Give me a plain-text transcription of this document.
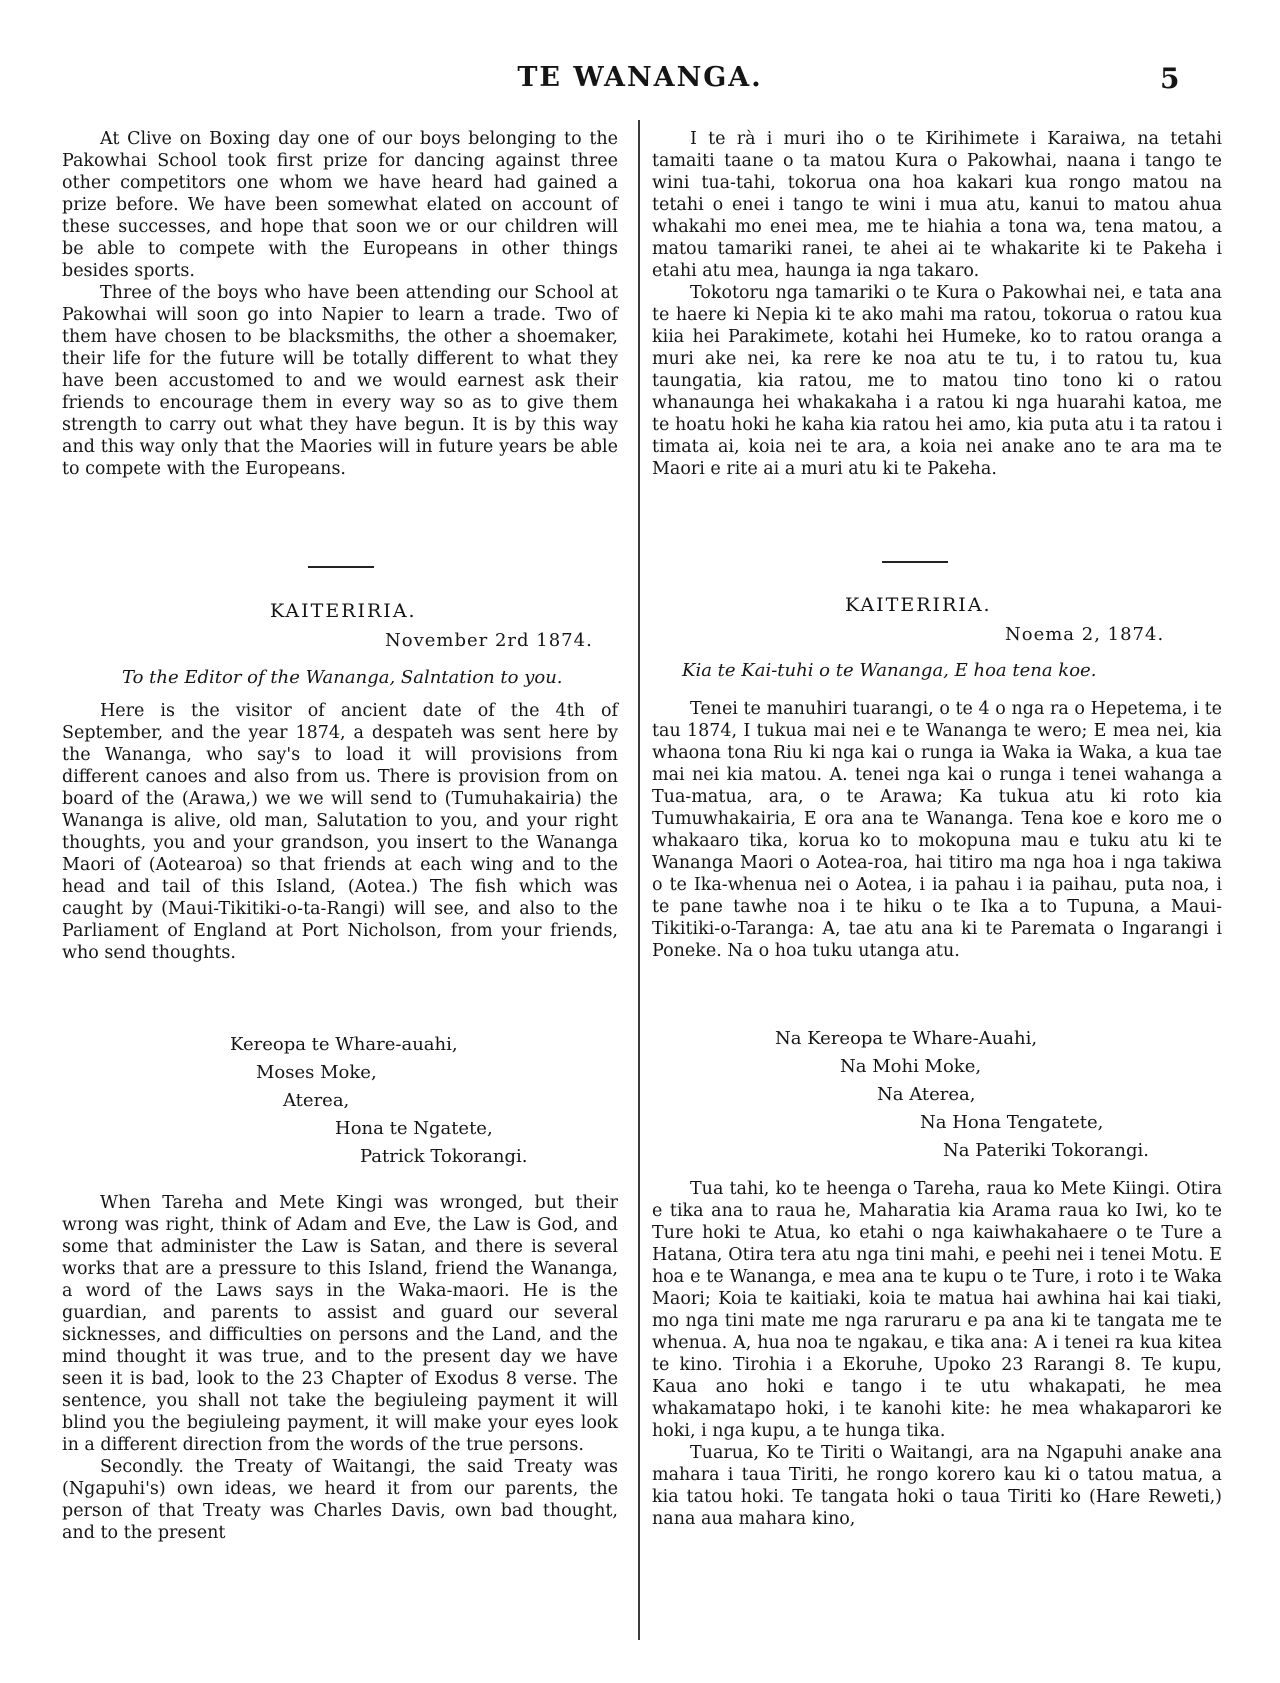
TE WANANGA.	5

At Clive on Boxing day one of our boys belonging to the Pakowhai School took first prize for dancing against three other competitors one whom we have heard had gained a prize before. We have been somewhat elated on account of these successes, and hope that soon we or our children will be able to compete with the Europeans in other things besides sports.

Three of the boys who have been attending our School at Pakowhai will soon go into Napier to learn a trade. Two of them have chosen to be blacksmiths, the other a shoemaker, their life for the future will be totally different to what they have been accustomed to and we would earnest ask their friends to encourage them in every way so as to give them strength to carry out what they have begun. It is by this way and this way only that the Maories will in future years be able to compete with the Europeans.

KAITERIRIA.
November 2rd 1874.
To the Editor of the Wananga, Salntation to you.

Here is the visitor of ancient date of the 4th of September, and the year 1874, a despateh was sent here by the Wananga, who say's to load it will provisions from different canoes and also from us. There is provision from on board of the (Arawa,) we we will send to (Tumuhakairia) the Wananga is alive, old man, Salutation to you, and your right thoughts, you and your grandson, you insert to the Wananga Maori of (Aotearoa) so that friends at each wing and to the head and tail of this Island, (Aotea.) The fish which was caught by (Maui-Tikitiki-o-ta-Rangi) will see, and also to the Parliament of England at Port Nicholson, from your friends, who send thoughts.

Kereopa te Whare-auahi,
Moses Moke,
Aterea,
Hona te Ngatete,
Patrick Tokorangi.

When Tareha and Mete Kingi was wronged, but their wrong was right, think of Adam and Eve, the Law is God, and some that administer the Law is Satan, and there is several works that are a pressure to this Island, friend the Wananga, a word of the Laws says in the Waka-maori. He is the guardian, and parents to assist and guard our several sicknesses, and difficulties on persons and the Land, and the mind thought it was true, and to the present day we have seen it is bad, look to the 23 Chapter of Exodus 8 verse. The sentence, you shall not take the begiuleing payment it will blind you the begiuleing payment, it will make your eyes look in a different direction from the words of the true persons.

Secondly. the Treaty of Waitangi, the said Treaty was (Ngapuhi's) own ideas, we heard it from our parents, the person of that Treaty was Charles Davis, own bad thought, and to the present

I te rà i muri iho o te Kirihimete i Karaiwa, na tetahi tamaiti taane o ta matou Kura o Pakowhai, naana i tango te wini tua-tahi, tokorua ona hoa kakari kua rongo matou na tetahi o enei i tango te wini i mua atu, kanui to matou ahua whakahi mo enei mea, me te hiahia a tona wa, tena matou, a matou tamariki ranei, te ahei ai te whakarite ki te Pakeha i etahi atu mea, haunga ia nga takaro.

Tokotoru nga tamariki o te Kura o Pakowhai nei, e tata ana te haere ki Nepia ki te ako mahi ma ratou, tokorua o ratou kua kiia hei Parakimete, kotahi hei Humeke, ko to ratou oranga a muri ake nei, ka rere ke noa atu te tu, i to ratou tu, kua taungatia, kia ratou, me to matou tino tono ki o ratou whanaunga hei whakakaha i a ratou ki nga huarahi katoa, me te hoatu hoki he kaha kia ratou hei amo, kia puta atu i ta ratou i timata ai, koia nei te ara, a koia nei anake ano te ara ma te Maori e rite ai a muri atu ki te Pakeha.

KAITERIRIA.
Noema 2, 1874.
Kia te Kai-tuhi o te Wananga, E hoa tena koe.

Tenei te manuhiri tuarangi, o te 4 o nga ra o Hepetema, i te tau 1874, I tukua mai nei e te Wananga te wero; E mea nei, kia whaona tona Riu ki nga kai o runga ia Waka ia Waka, a kua tae mai nei kia matou. A. tenei nga kai o runga i tenei wahanga a Tua-matua, ara, o te Arawa; Ka tukua atu ki roto kia Tumuwhakairia, E ora ana te Wananga. Tena koe e koro me o whakaaro tika, korua ko to mokopuna mau e tuku atu ki te Wananga Maori o Aotea-roa, hai titiro ma nga hoa i nga takiwa o te Ika-whenua nei o Aotea, i ia pahau i ia paihau, puta noa, i te pane tawhe noa i te hiku o te Ika a to Tupuna, a Maui-Tikitiki-o-Taranga: A, tae atu ana ki te Paremata o Ingarangi i Poneke. Na o hoa tuku utanga atu.

Na Kereopa te Whare-Auahi,
Na Mohi Moke,
Na Aterea,
Na Hona Tengatete,
Na Pateriki Tokorangi.

Tua tahi, ko te heenga o Tareha, raua ko Mete Kiingi. Otira e tika ana to raua he, Maharatia kia Arama raua ko Iwi, ko te Ture hoki te Atua, ko etahi o nga kaiwhakahaere o te Ture a Hatana, Otira tera atu nga tini mahi, e peehi nei i tenei Motu. E hoa e te Wananga, e mea ana te kupu o te Ture, i roto i te Waka Maori; Koia te kaitiaki, koia te matua hai awhina hai kai tiaki, mo nga tini mate me nga raruraru e pa ana ki te tangata me te whenua. A, hua noa te ngakau, e tika ana: A i tenei ra kua kitea te kino. Tirohia i a Ekoruhe, Upoko 23 Rarangi 8. Te kupu, Kaua ano hoki e tango i te utu whakapati, he mea whakamatapo hoki, i te kanohi kite: he mea whakaparori ke hoki, i nga kupu, a te hunga tika.

Tuarua, Ko te Tiriti o Waitangi, ara na Ngapuhi anake ana mahara i taua Tiriti, he rongo korero kau ki o tatou matua, a kia tatou hoki. Te tangata hoki o taua Tiriti ko (Hare Reweti,) nana aua mahara kino,
